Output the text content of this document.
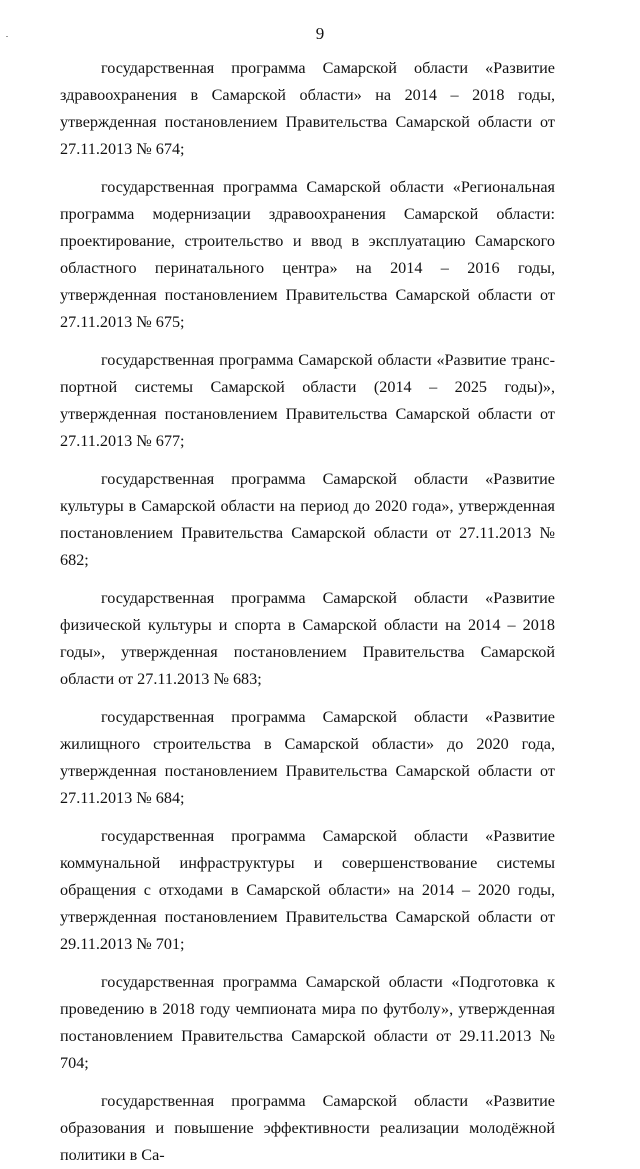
9

государственная программа Самарской области «Развитие здравоохранения в Самарской области» на 2014 – 2018 годы, утвержденная постановлением Правительства Самарской области от 27.11.2013 № 674;

государственная программа Самарской области «Региональная программа модернизации здравоохранения Самарской области: проектирование, строительство и ввод в эксплуатацию Самарского областного перинатального центра» на 2014 – 2016 годы, утвержденная постановлением Правительства Самарской области от 27.11.2013 № 675;

государственная программа Самарской области «Развитие транспортной системы Самарской области (2014 – 2025 годы)», утвержденная постановлением Правительства Самарской области от 27.11.2013 № 677;

государственная программа Самарской области «Развитие культуры в Самарской области на период до 2020 года», утвержденная постановлением Правительства Самарской области от 27.11.2013 № 682;

государственная программа Самарской области «Развитие физической культуры и спорта в Самарской области на 2014 – 2018 годы», утвержденная постановлением Правительства Самарской области от 27.11.2013 № 683;

государственная программа Самарской области «Развитие жилищного строительства в Самарской области» до 2020 года, утвержденная постановлением Правительства Самарской области от 27.11.2013 № 684;

государственная программа Самарской области «Развитие коммунальной инфраструктуры и совершенствование системы обращения с отходами в Самарской области» на 2014 – 2020 годы, утвержденная постановлением Правительства Самарской области от 29.11.2013 № 701;

государственная программа Самарской области «Подготовка к проведению в 2018 году чемпионата мира по футболу», утвержденная постановлением Правительства Самарской области от 29.11.2013 № 704;

государственная программа Самарской области «Развитие образования и повышение эффективности реализации молодёжной политики в Са-
